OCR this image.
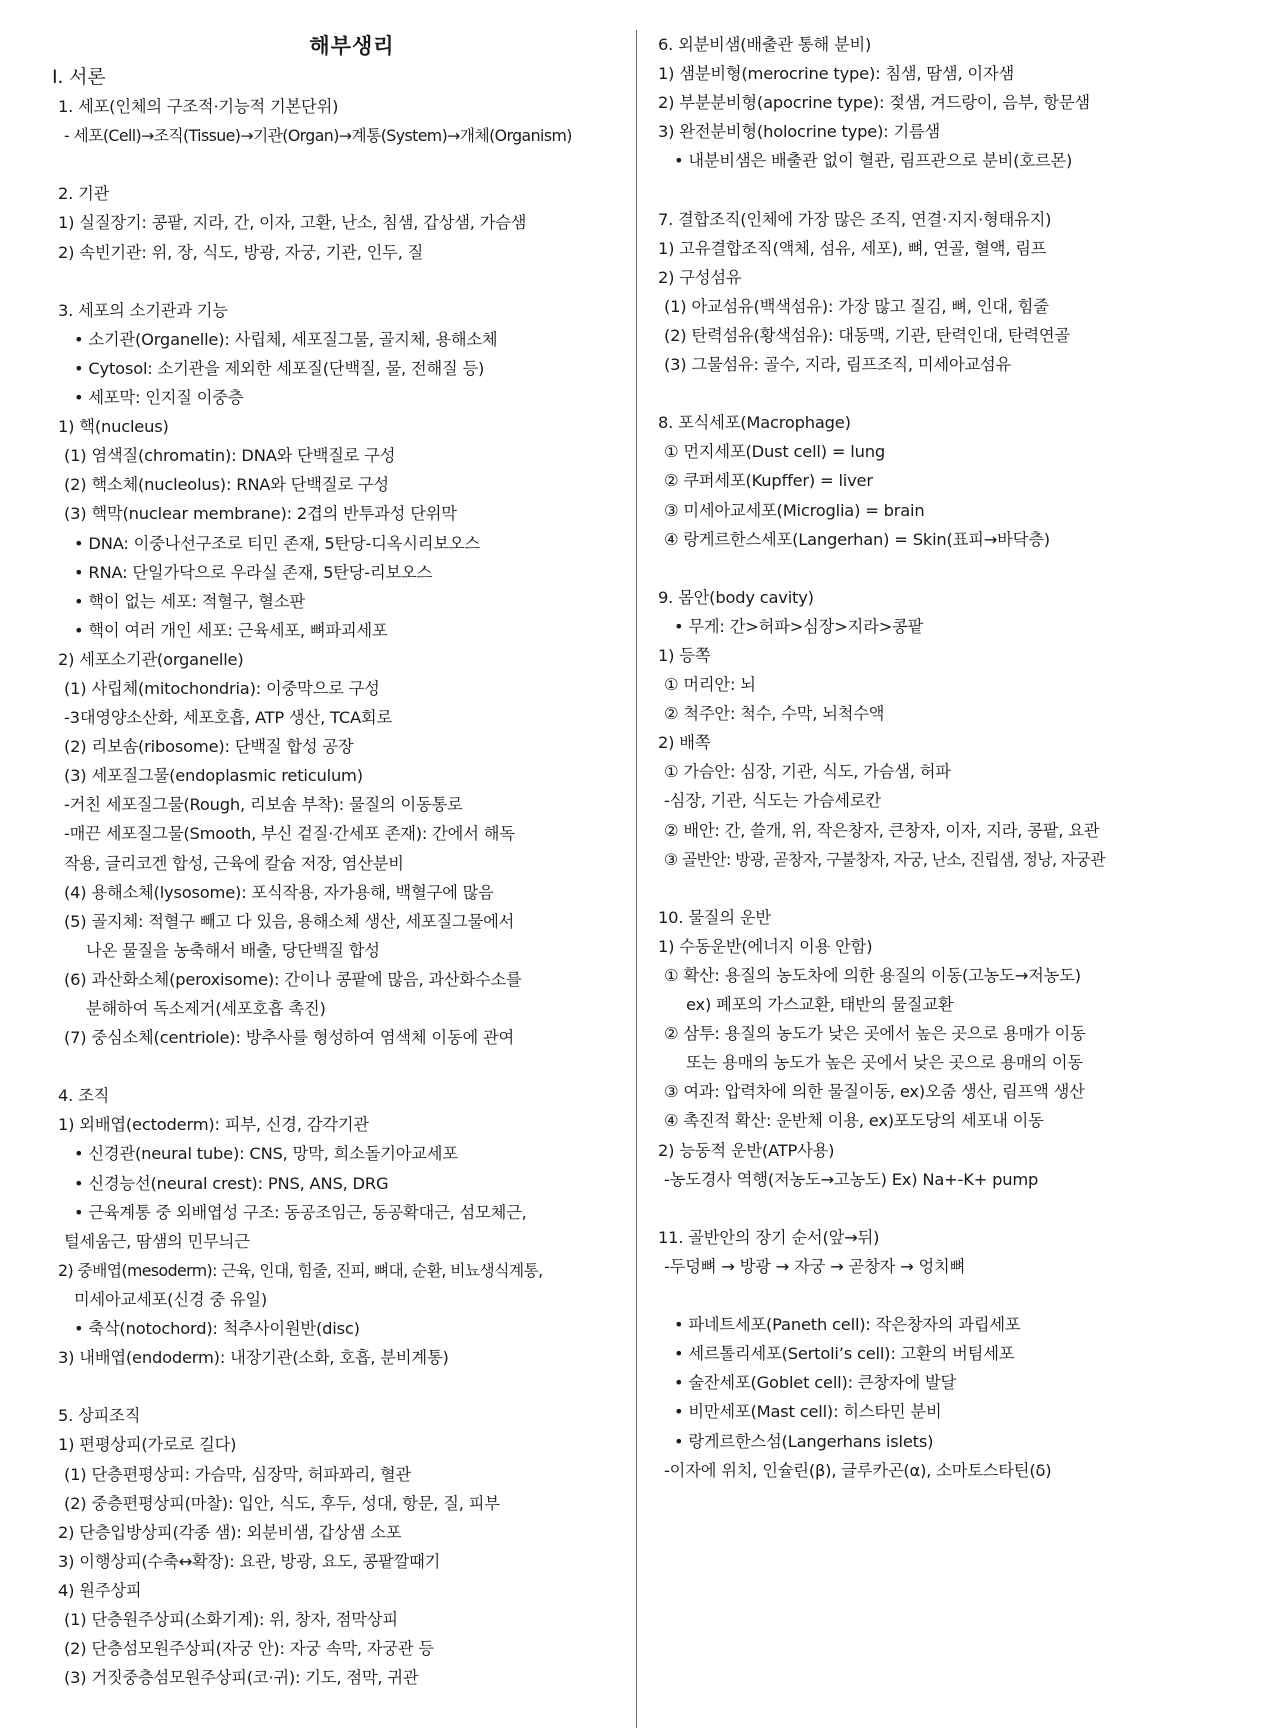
해부생리
I. 서론
1. 세포(인체의 구조적·기능적 기본단위)
- 세포(Cell)→조직(Tissue)→기관(Organ)→계통(System)→개체(Organism)
2. 기관
1) 실질장기: 콩팥, 지라, 간, 이자, 고환, 난소, 침샘, 갑상샘, 가슴샘
2) 속빈기관: 위, 장, 식도, 방광, 자궁, 기관, 인두, 질
3. 세포의 소기관과 기능
• 소기관(Organelle): 사립체, 세포질그물, 골지체, 용해소체
• Cytosol: 소기관을 제외한 세포질(단백질, 물, 전해질 등)
• 세포막: 인지질 이중층
1) 핵(nucleus)
(1) 염색질(chromatin): DNA와 단백질로 구성
(2) 핵소체(nucleolus): RNA와 단백질로 구성
(3) 핵막(nuclear membrane): 2겹의 반투과성 단위막
• DNA: 이중나선구조로 티민 존재, 5탄당-디옥시리보오스
• RNA: 단일가닥으로 우라실 존재, 5탄당-리보오스
• 핵이 없는 세포: 적혈구, 혈소판
• 핵이 여러 개인 세포: 근육세포, 뼈파괴세포
2) 세포소기관(organelle)
(1) 사립체(mitochondria): 이중막으로 구성
-3대영양소산화, 세포호흡, ATP 생산, TCA회로
(2) 리보솜(ribosome): 단백질 합성 공장
(3) 세포질그물(endoplasmic reticulum)
-거친 세포질그물(Rough, 리보솜 부착): 물질의 이동통로
-매끈 세포질그물(Smooth, 부신 겉질·간세포 존재): 간에서 해독
작용, 글리코겐 합성, 근육에 칼슘 저장, 염산분비
(4) 용해소체(lysosome): 포식작용, 자가용해, 백혈구에 많음
(5) 골지체: 적혈구 빼고 다 있음, 용해소체 생산, 세포질그물에서
나온 물질을 농축해서 배출, 당단백질 합성
(6) 과산화소체(peroxisome): 간이나 콩팥에 많음, 과산화수소를
분해하여 독소제거(세포호흡 촉진)
(7) 중심소체(centriole): 방추사를 형성하여 염색체 이동에 관여
4. 조직
1) 외배엽(ectoderm): 피부, 신경, 감각기관
• 신경관(neural tube): CNS, 망막, 희소돌기아교세포
• 신경능선(neural crest): PNS, ANS, DRG
• 근육계통 중 외배엽성 구조: 동공조임근, 동공확대근, 섬모체근,
털세움근, 땀샘의 민무늬근
2) 중배엽(mesoderm): 근육, 인대, 힘줄, 진피, 뼈대, 순환, 비뇨생식계통,
미세아교세포(신경 중 유일)
• 축삭(notochord): 척추사이원반(disc)
3) 내배엽(endoderm): 내장기관(소화, 호흡, 분비계통)
5. 상피조직
1) 편평상피(가로로 길다)
(1) 단층편평상피: 가슴막, 심장막, 허파꽈리, 혈관
(2) 중층편평상피(마찰): 입안, 식도, 후두, 성대, 항문, 질, 피부
2) 단층입방상피(각종 샘): 외분비샘, 갑상샘 소포
3) 이행상피(수축↔확장): 요관, 방광, 요도, 콩팥깔때기
4) 원주상피
(1) 단층원주상피(소화기계): 위, 창자, 점막상피
(2) 단층섬모원주상피(자궁 안): 자궁 속막, 자궁관 등
(3) 거짓중층섬모원주상피(코·귀): 기도, 점막, 귀관
6. 외분비샘(배출관 통해 분비)
1) 샘분비형(merocrine type): 침샘, 땀샘, 이자샘
2) 부분분비형(apocrine type): 젖샘, 겨드랑이, 음부, 항문샘
3) 완전분비형(holocrine type): 기름샘
• 내분비샘은 배출관 없이 혈관, 림프관으로 분비(호르몬)
7. 결합조직(인체에 가장 많은 조직, 연결·지지·형태유지)
1) 고유결합조직(액체, 섬유, 세포), 뼈, 연골, 혈액, 림프
2) 구성섬유
(1) 아교섬유(백색섬유): 가장 많고 질김, 뼈, 인대, 힘줄
(2) 탄력섬유(황색섬유): 대동맥, 기관, 탄력인대, 탄력연골
(3) 그물섬유: 골수, 지라, 림프조직, 미세아교섬유
8. 포식세포(Macrophage)
① 먼지세포(Dust cell) = lung
② 쿠퍼세포(Kupffer) = liver
③ 미세아교세포(Microglia) = brain
④ 랑게르한스세포(Langerhan) = Skin(표피→바닥층)
9. 몸안(body cavity)
• 무게: 간>허파>심장>지라>콩팥
1) 등쪽
① 머리안: 뇌
② 척주안: 척수, 수막, 뇌척수액
2) 배쪽
① 가슴안: 심장, 기관, 식도, 가슴샘, 허파
-심장, 기관, 식도는 가슴세로칸
② 배안: 간, 쓸개, 위, 작은창자, 큰창자, 이자, 지라, 콩팥, 요관
③ 골반안: 방광, 곧창자, 구불창자, 자궁, 난소, 진립샘, 정낭, 자궁관
10. 물질의 운반
1) 수동운반(에너지 이용 안함)
① 확산: 용질의 농도차에 의한 용질의 이동(고농도→저농도)
ex) 폐포의 가스교환, 태반의 물질교환
② 삼투: 용질의 농도가 낮은 곳에서 높은 곳으로 용매가 이동
또는 용매의 농도가 높은 곳에서 낮은 곳으로 용매의 이동
③ 여과: 압력차에 의한 물질이동, ex)오줌 생산, 림프액 생산
④ 촉진적 확산: 운반체 이용, ex)포도당의 세포내 이동
2) 능동적 운반(ATP사용)
-농도경사 역행(저농도→고농도) Ex) Na+-K+ pump
11. 골반안의 장기 순서(앞→뒤)
-두덩뼈 → 방광 → 자궁 → 곧창자 → 엉치뼈
• 파네트세포(Paneth cell): 작은창자의 과립세포
• 세르톨리세포(Sertoli’s cell): 고환의 버팀세포
• 술잔세포(Goblet cell): 큰창자에 발달
• 비만세포(Mast cell): 히스타민 분비
• 랑게르한스섬(Langerhans islets)
-이자에 위치, 인슐린(β), 글루카곤(α), 소마토스타틴(δ)
